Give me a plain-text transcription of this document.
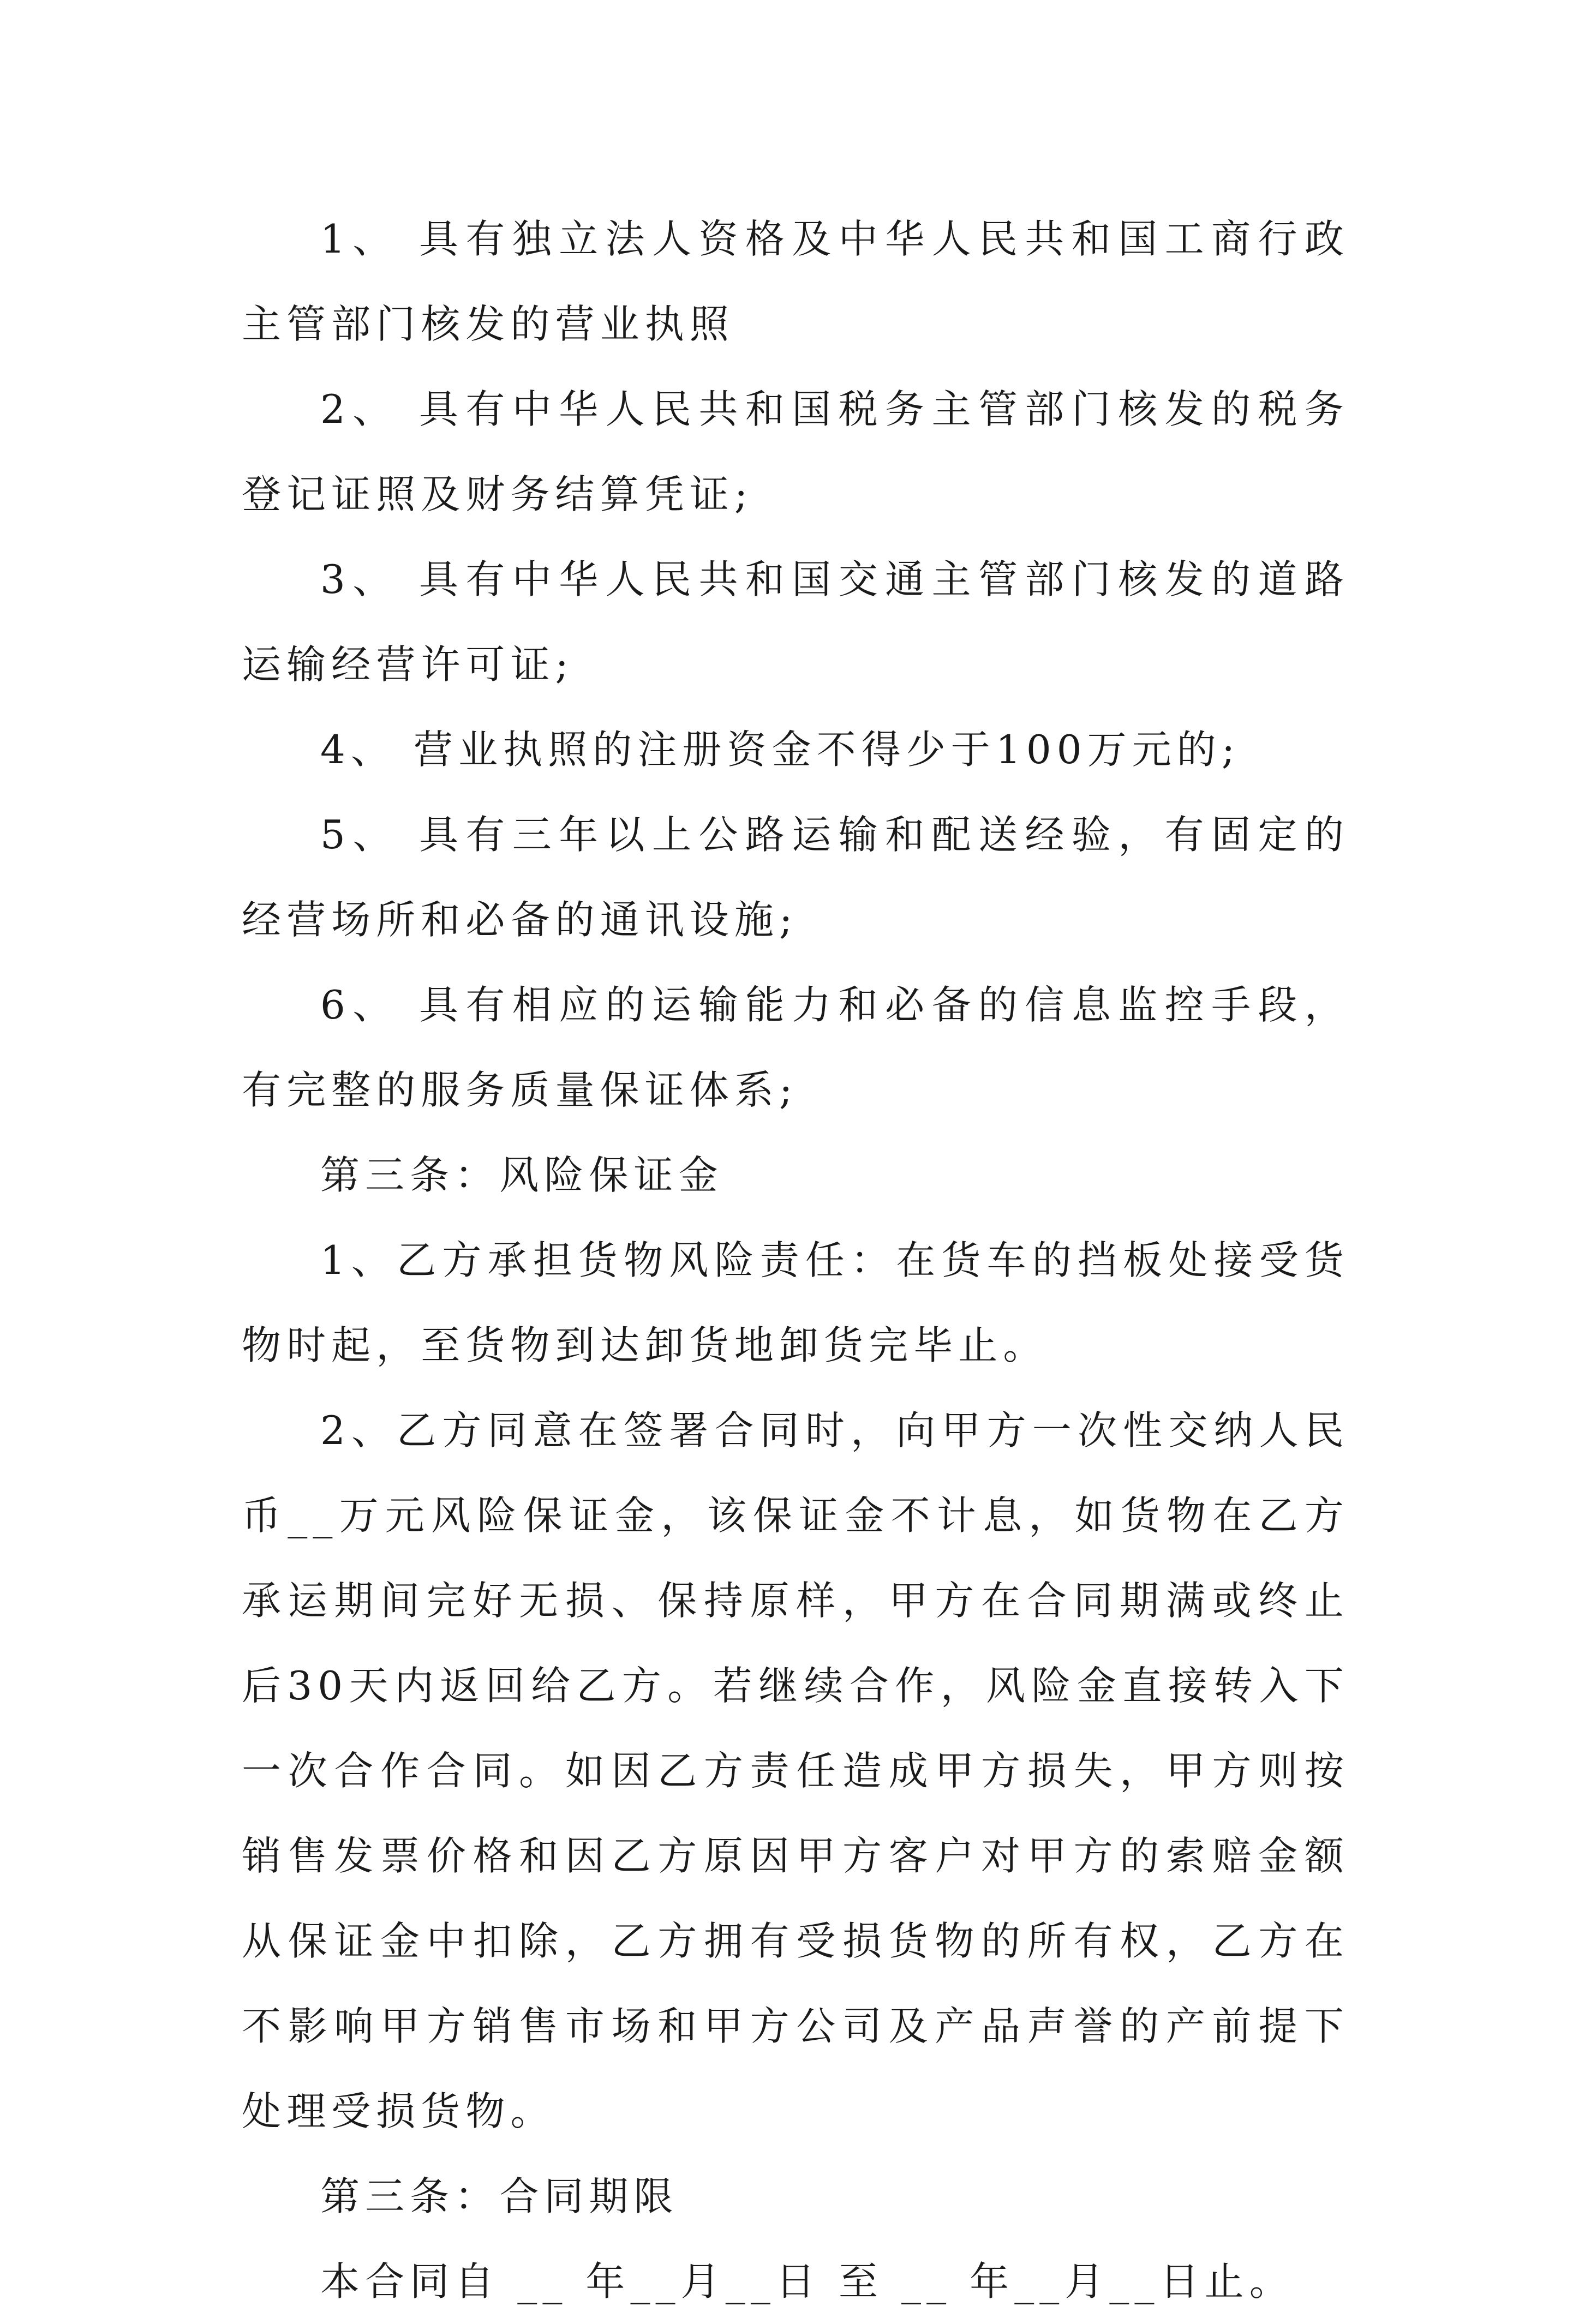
1、 具有独立法人资格及中华人民共和国工商行政主管部门核发的营业执照

2、 具有中华人民共和国税务主管部门核发的税务登记证照及财务结算凭证;

3、 具有中华人民共和国交通主管部门核发的道路运输经营许可证;

4、 营业执照的注册资金不得少于100万元的;

5、 具有三年以上公路运输和配送经验，有固定的经营场所和必备的通讯设施;

6、 具有相应的运输能力和必备的信息监控手段，有完整的服务质量保证体系;

第三条：风险保证金

1、乙方承担货物风险责任：在货车的挡板处接受货物时起，至货物到达卸货地卸货完毕止。

2、乙方同意在签署合同时，向甲方一次性交纳人民币__万元风险保证金，该保证金不计息，如货物在乙方承运期间完好无损、保持原样，甲方在合同期满或终止后30天内返回给乙方。若继续合作，风险金直接转入下一次合作合同。如因乙方责任造成甲方损失，甲方则按销售发票价格和因乙方原因甲方客户对甲方的索赔金额从保证金中扣除，乙方拥有受损货物的所有权，乙方在不影响甲方销售市场和甲方公司及产品声誉的产前提下处理受损货物。

第三条：合同期限

本合同自 __ 年__月__日 至 __ 年__月__日止。
